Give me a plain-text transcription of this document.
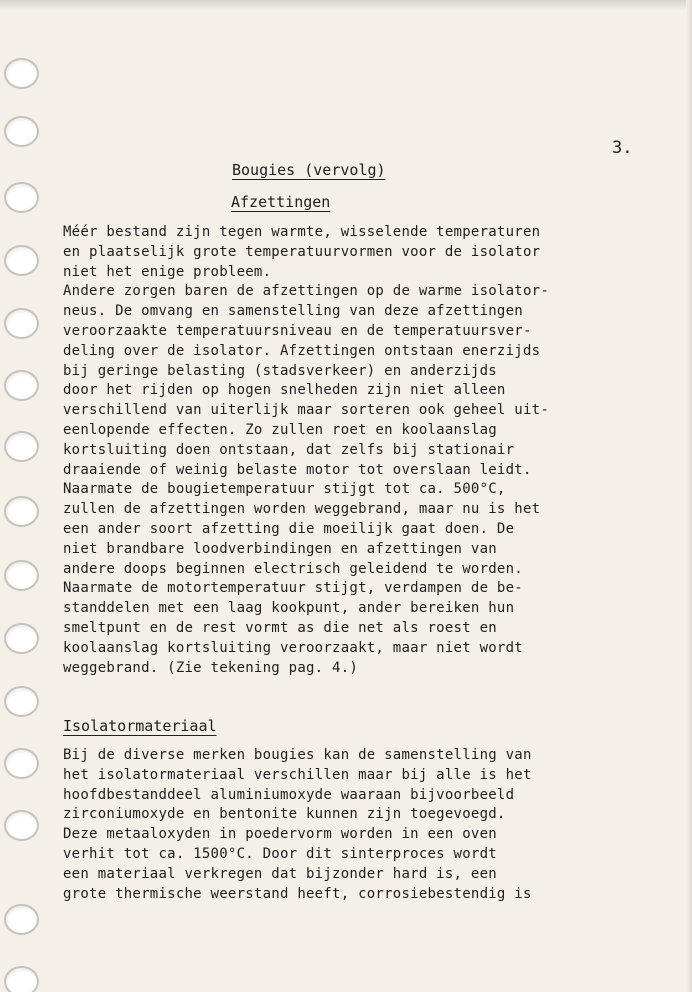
3.
Bougies (vervolg)
Afzettingen
Méér bestand zijn tegen warmte, wisselende temperaturen
en plaatselijk grote temperatuurvormen voor de isolator
niet het enige probleem.
Andere zorgen baren de afzettingen op de warme isolator-
neus. De omvang en samenstelling van deze afzettingen
veroorzaakte temperatuursniveau en de temperatuursver-
deling over de isolator. Afzettingen ontstaan enerzijds
bij geringe belasting (stadsverkeer) en anderzijds
door het rijden op hogen snelheden zijn niet alleen
verschillend van uiterlijk maar sorteren ook geheel uit-
eenlopende effecten. Zo zullen roet en koolaanslag
kortsluiting doen ontstaan, dat zelfs bij stationair
draaiende of weinig belaste motor tot overslaan leidt.
Naarmate de bougietemperatuur stijgt tot ca. 500°C,
zullen de afzettingen worden weggebrand, maar nu is het
een ander soort afzetting die moeilijk gaat doen. De
niet brandbare loodverbindingen en afzettingen van
andere doops beginnen electrisch geleidend te worden.
Naarmate de motortemperatuur stijgt, verdampen de be-
standdelen met een laag kookpunt, ander bereiken hun
smeltpunt en de rest vormt as die net als roest en
koolaanslag kortsluiting veroorzaakt, maar niet wordt
weggebrand. (Zie tekening pag. 4.)
Isolatormateriaal
Bij de diverse merken bougies kan de samenstelling van
het isolatormateriaal verschillen maar bij alle is het
hoofdbestanddeel aluminiumoxyde waaraan bijvoorbeeld
zirconiumoxyde en bentonite kunnen zijn toegevoegd.
Deze metaaloxyden in poedervorm worden in een oven
verhit tot ca. 1500°C. Door dit sinterproces wordt
een materiaal verkregen dat bijzonder hard is, een
grote thermische weerstand heeft, corrosiebestendig is
